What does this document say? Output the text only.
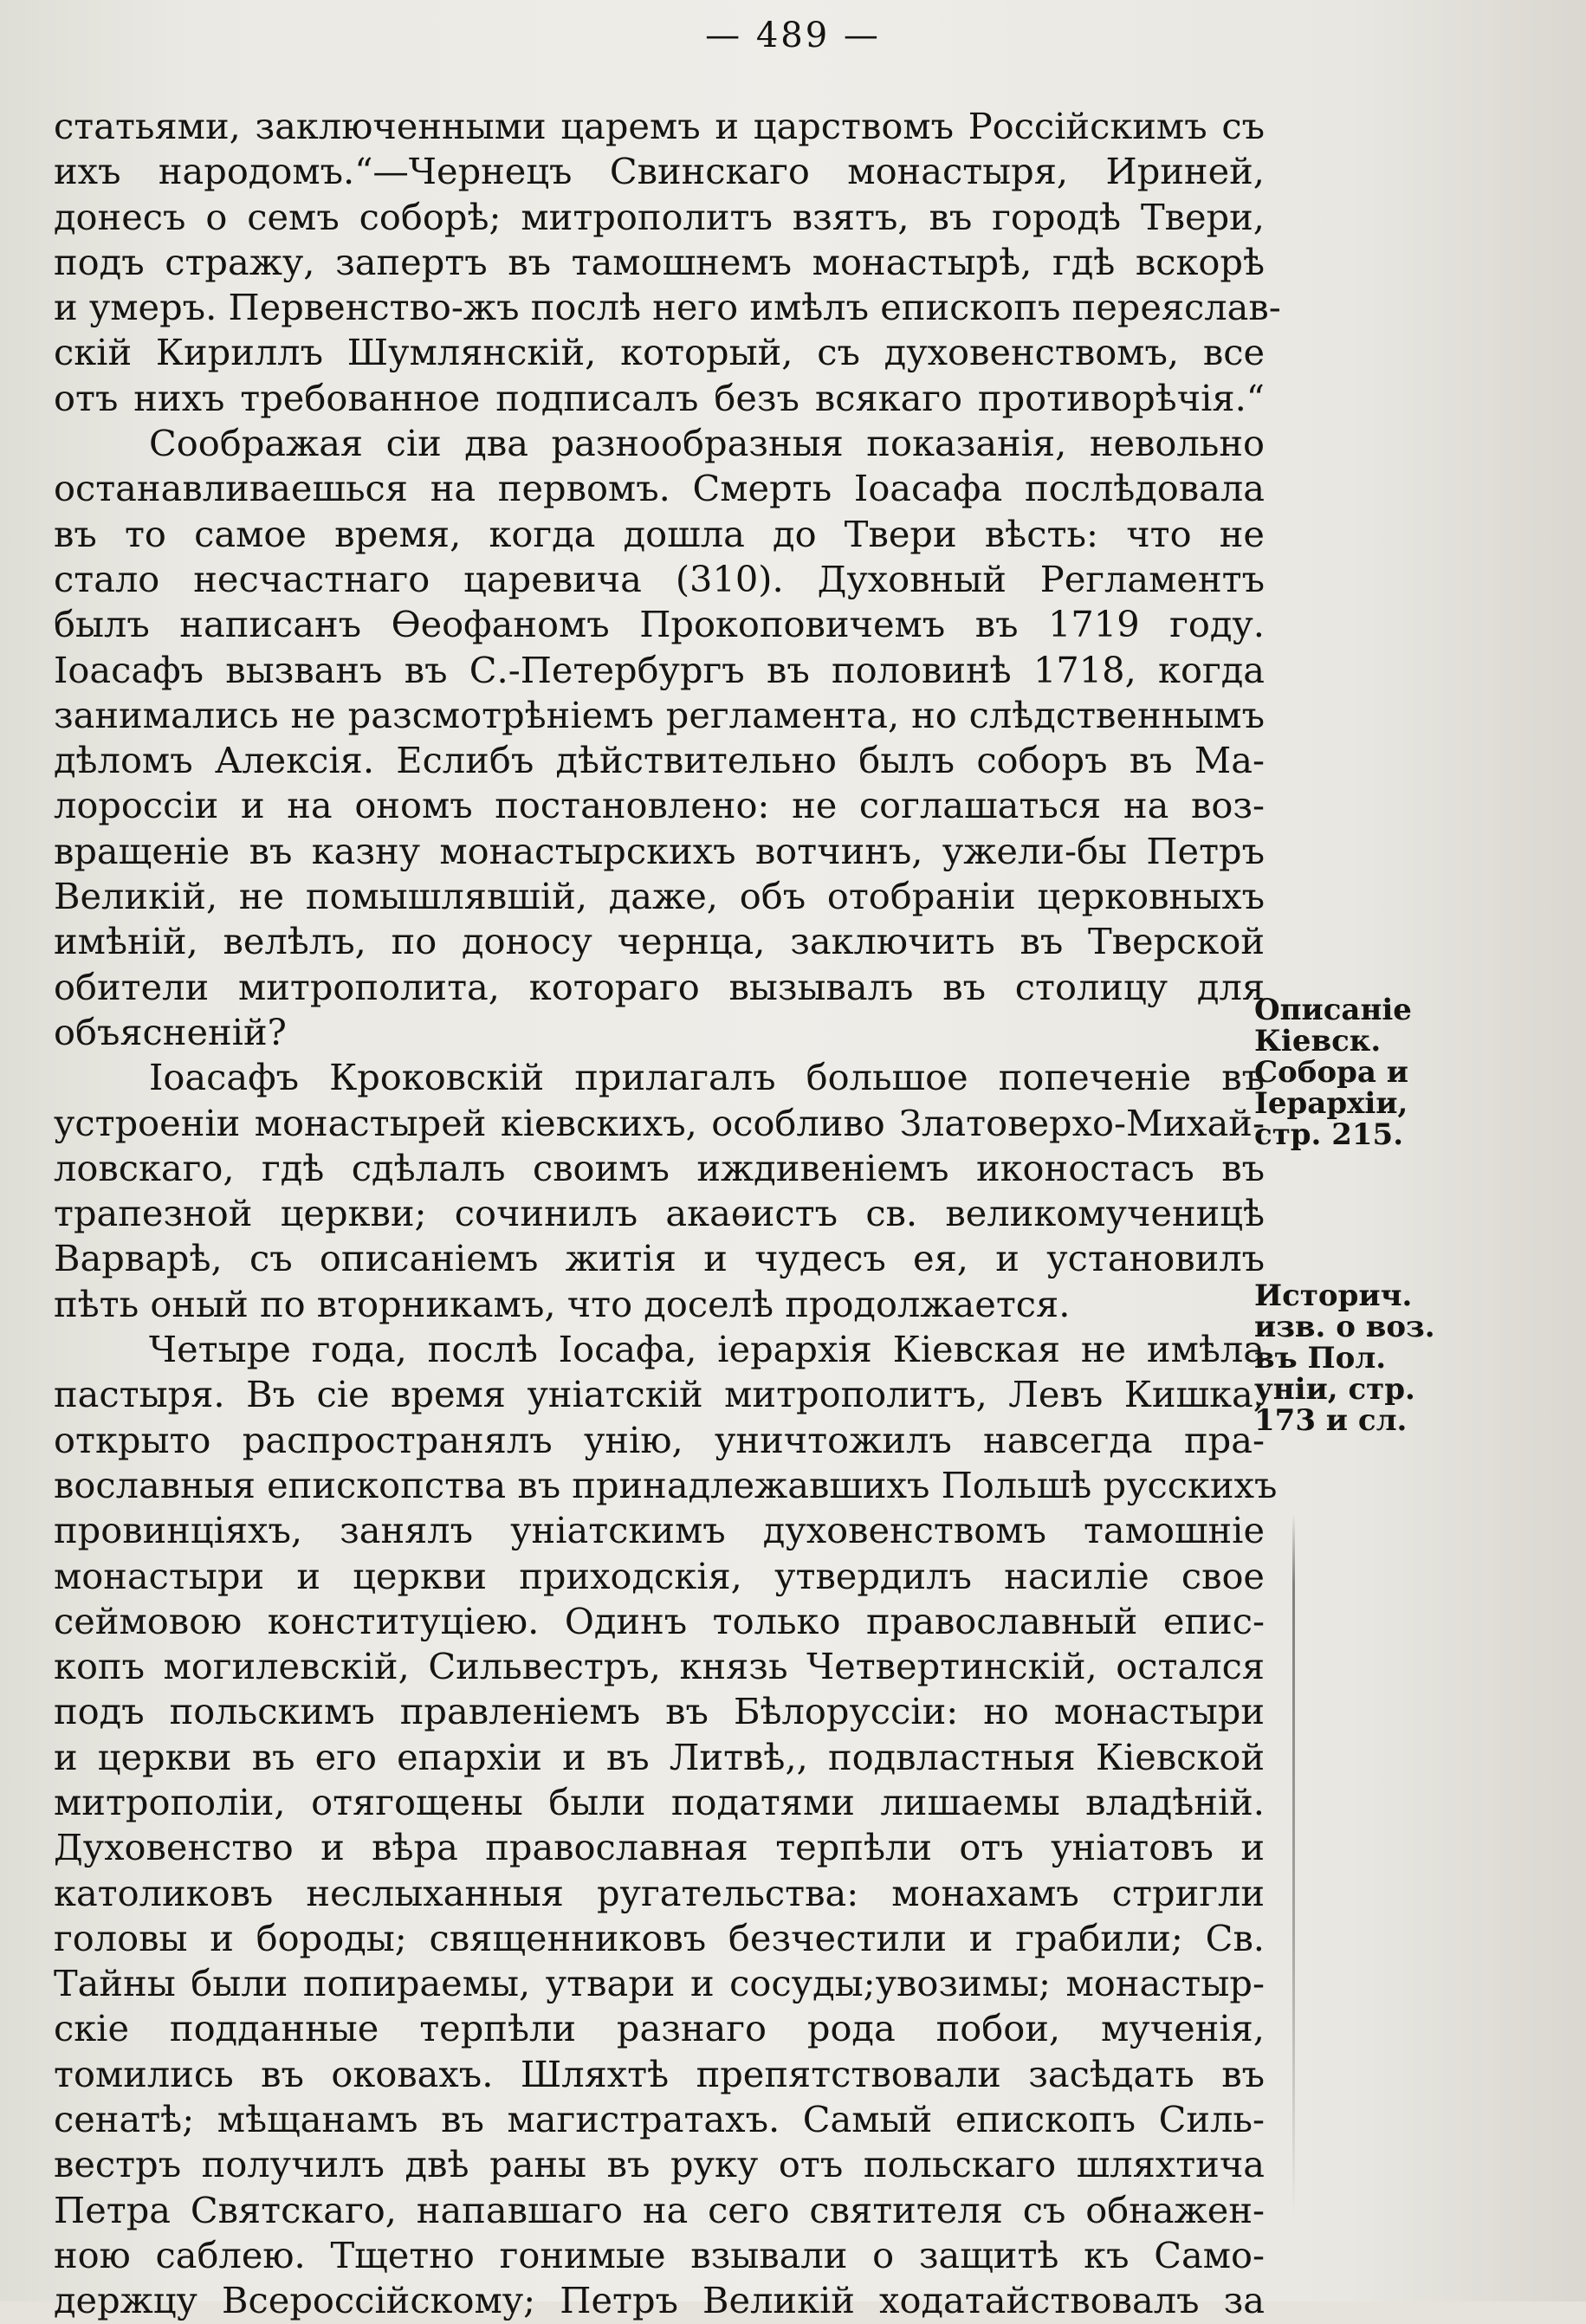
— 489 —
статьями, заключенными царемъ и царствомъ Россійскимъ съ
ихъ народомъ.“—Чернецъ Свинскаго монастыря, Ириней,
донесъ о семъ соборѣ; митрополитъ взятъ, въ городѣ Твери,
подъ стражу, запертъ въ тамошнемъ монастырѣ, гдѣ вскорѣ
и умеръ. Первенство-жъ послѣ него имѣлъ епископъ переяслав-
скій Кириллъ Шумлянскій, который, съ духовенствомъ, все
отъ нихъ требованное подписалъ безъ всякаго противорѣчія.“
Соображая сіи два разнообразныя показанія, невольно
останавливаешься на первомъ. Смерть Іоасафа послѣдовала
въ то самое время, когда дошла до Твери вѣсть: что не
стало несчастнаго царевича (310). Духовный Регламентъ
былъ написанъ Ѳеофаномъ Прокоповичемъ въ 1719 году.
Іоасафъ вызванъ въ С.-Петербургъ въ половинѣ 1718, когда
занимались не разсмотрѣніемъ регламента, но слѣдственнымъ
дѣломъ Алексія. Еслибъ дѣйствительно былъ соборъ въ Ма-
лороссіи и на ономъ постановлено: не соглашаться на воз-
вращеніе въ казну монастырскихъ вотчинъ, ужели-бы Петръ
Великій, не помышлявшій, даже, объ отобраніи церковныхъ
имѣній, велѣлъ, по доносу чернца, заключить въ Тверской
обители митрополита, котораго вызывалъ въ столицу для
объясненій?
Іоасафъ Кроковскій прилагалъ большое попеченіе въ
устроеніи монастырей кіевскихъ, особливо Златоверхо-Михай-
ловскаго, гдѣ сдѣлалъ своимъ иждивеніемъ иконостасъ въ
трапезной церкви; сочинилъ акаѳистъ св. великомученицѣ
Варварѣ, съ описаніемъ житія и чудесъ ея, и установилъ
пѣть оный по вторникамъ, что доселѣ продолжается.
Четыре года, послѣ Іосафа, іерархія Кіевская не имѣла
пастыря. Въ сіе время уніатскій митрополитъ, Левъ Кишка,
открыто распространялъ унію, уничтожилъ навсегда пра-
вославныя епископства въ принадлежавшихъ Польшѣ русскихъ
провинціяхъ, занялъ уніатскимъ духовенствомъ тамошніе
монастыри и церкви приходскія, утвердилъ насиліе свое
сеймовою конституціею. Одинъ только православный епис-
копъ могилевскій, Сильвестръ, князь Четвертинскій, остался
подъ польскимъ правленіемъ въ Бѣлоруссіи: но монастыри
и церкви въ его епархіи и въ Литвѣ,, подвластныя Кіевской
митрополіи, отягощены были податями лишаемы владѣній.
Духовенство и вѣра православная терпѣли отъ уніатовъ и
католиковъ неслыханныя ругательства: монахамъ стригли
головы и бороды; священниковъ безчестили и грабили; Св.
Тайны были попираемы, утвари и сосуды;увозимы; монастыр-
скіе подданные терпѣли разнаго рода побои, мученія,
томились въ оковахъ. Шляхтѣ препятствовали засѣдать въ
сенатѣ; мѣщанамъ въ магистратахъ. Самый епископъ Силь-
вестръ получилъ двѣ раны въ руку отъ польскаго шляхтича
Петра Святскаго, напавшаго на сего святителя съ обнажен-
ною саблею. Тщетно гонимые взывали о защитѣ къ Само-
держцу Всероссійскому; Петръ Великій ходатайствовалъ за
Описаніе
Кіевск.
Собора и
Іерархіи,
стр. 215.
Историч.
изв. о воз.
въ Пол.
уніи, стр.
173 и сл.
